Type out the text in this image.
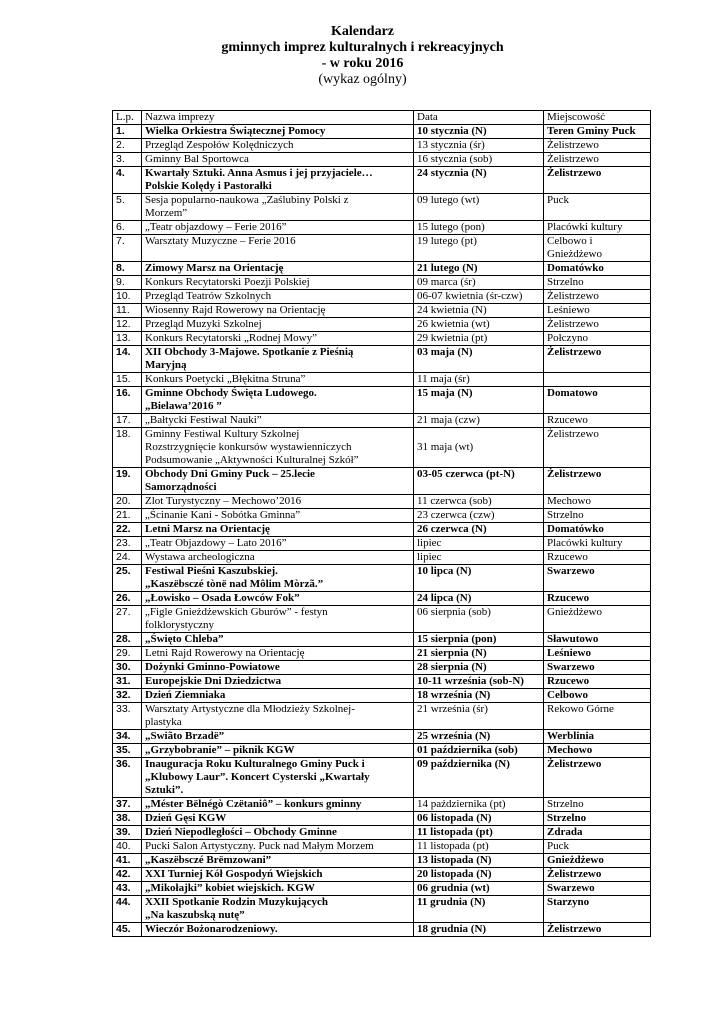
Kalendarz
gminnych imprez kulturalnych i rekreacyjnych
- w roku 2016
(wykaz ogólny)
L.p.	Nazwa imprezy	Data	Miejscowość
1.	Wielka Orkiestra Świątecznej Pomocy	10 stycznia (N)	Teren Gminy Puck

2.	Przegląd Zespołów Kolędniczych	13 stycznia (śr)	Żelistrzewo

3.	Gminny Bal Sportowca	16 stycznia (sob)	Żelistrzewo

4.	Kwartały Sztuki. Anna Asmus i jej przyjaciele…
Polskie Kolędy i Pastorałki	24 stycznia (N)	Żelistrzewo

5.	Sesja popularno-naukowa „Zaślubiny Polski z
Morzem”	09 lutego (wt)	Puck

6.	„Teatr objazdowy – Ferie 2016”	15 lutego (pon)	Placówki kultury

7.	Warsztaty Muzyczne – Ferie 2016	19 lutego (pt)	Celbowo i
Gnieżdżewo

8.	Zimowy Marsz na Orientację	21 lutego (N)	Domatówko

9.	Konkurs Recytatorski Poezji Polskiej	09 marca (śr)	Strzelno

10.	Przegląd Teatrów Szkolnych	06-07 kwietnia (śr-czw)	Żelistrzewo

11.	Wiosenny Rajd Rowerowy na Orientację	24 kwietnia (N)	Leśniewo

12.	Przegląd Muzyki Szkolnej	26 kwietnia (wt)	Żelistrzewo

13.	Konkurs Recytatorski „Rodnej Mowy”	29 kwietnia (pt)	Połczyno

14.	XII Obchody 3-Majowe. Spotkanie z Pieśnią
Maryjną	03 maja (N)	Żelistrzewo

15.	Konkurs Poetycki „Błękitna Struna”	11 maja (śr)	

16.	Gminne Obchody Święta Ludowego.
„Bielawa’2016 ”	15 maja (N)	Domatowo

17.	„Bałtycki Festiwal Nauki”	21 maja (czw)	Rzucewo

18.	Gminny Festiwal Kultury Szkolnej
Rozstrzygnięcie konkursów wystawienniczych
Podsumowanie „Aktywności Kulturalnej Szkół”	31 maja (wt)	Żelistrzewo

19.	Obchody Dni Gminy Puck – 25.lecie
Samorządności	03-05 czerwca (pt-N)	Żelistrzewo

20.	Zlot Turystyczny – Mechowo’2016	11 czerwca (sob)	Mechowo

21.	„Ścinanie Kani - Sobótka Gminna”	23 czerwca (czw)	Strzelno

22.	Letni Marsz na Orientację	26 czerwca (N)	Domatówko

23.	„Teatr Objazdowy – Lato 2016”	lipiec	Placówki kultury

24.	Wystawa archeologiczna	lipiec	Rzucewo

25.	Festiwal Pieśni Kaszubskiej.
„Kaszëbsczé tònë nad Môlim Mòrzã.”	10 lipca (N)	Swarzewo

26.	„Łowisko – Osada Łowców Fok”	24 lipca (N)	Rzucewo

27.	„Figle Gnieżdżewskich Gburów” - festyn
folklorystyczny	06 sierpnia (sob)	Gnieżdżewo

28.	„Święto Chleba”	15 sierpnia (pon)	Sławutowo

29.	Letni Rajd Rowerowy na Orientację	21 sierpnia (N)	Leśniewo

30.	Dożynki Gminno-Powiatowe	28 sierpnia (N)	Swarzewo

31.	Europejskie Dni Dziedzictwa	10-11 września (sob-N)	Rzucewo

32.	Dzień Ziemniaka	18 września (N)	Celbowo

33.	Warsztaty Artystyczne dla Młodzieży Szkolnej-
plastyka	21 września (śr)	Rekowo Górne

34.	„Swiãto Brzadë”	25 września (N)	Werblinia

35.	„Grzybobranie” – piknik KGW	01 października (sob)	Mechowo

36.	Inauguracja Roku Kulturalnego Gminy Puck i
„Klubowy Laur”. Koncert Cysterski „Kwartały
Sztuki”.	09 października (N)	Żelistrzewo

37.	„Méster Bëlnégò Czëtaniô” – konkurs gminny	14 października (pt)	Strzelno

38.	Dzień Gęsi KGW	06 listopada (N)	Strzelno

39.	Dzień Niepodległości – Obchody Gminne	11 listopada (pt)	Zdrada

40.	Pucki Salon Artystyczny. Puck nad Małym Morzem	11 listopada (pt)	Puck

41.	„Kaszëbsczé Brëmzowani”	13 listopada (N)	Gnieżdżewo

42.	XXI Turniej Kół Gospodyń Wiejskich	20 listopada (N)	Żelistrzewo

43.	„Mikołajki” kobiet wiejskich. KGW	06 grudnia (wt)	Swarzewo

44.	XXII Spotkanie Rodzin Muzykujących
„Na kaszubską nutę”	11 grudnia (N)	Starzyno

45.	Wieczór Bożonarodzeniowy.	18 grudnia (N)	Żelistrzewo
